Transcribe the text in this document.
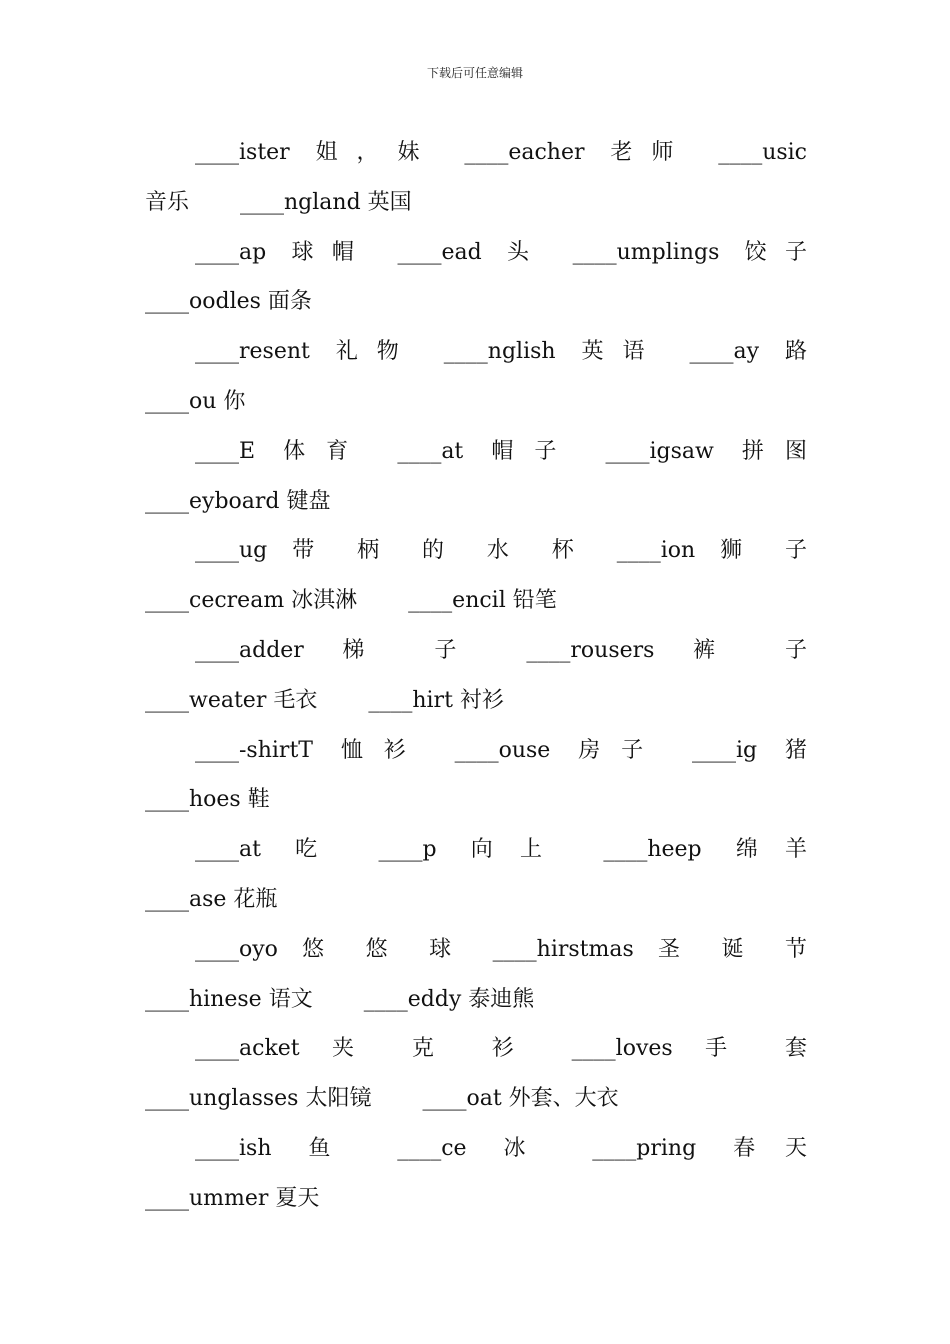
下载后可任意编辑
____ister 姐，妹 ____eacher 老师 ____usic
音乐   ____ngland 英国
____ap 球帽 ____ead 头 ____umplings 饺子
____oodles 面条
____resent 礼物 ____nglish 英语 ____ay 路
____ou 你
____E 体育 ____at 帽子 ____igsaw 拼图
____eyboard 键盘
____ug 带 柄 的 水 杯 ____ion 狮 子
____cecream 冰淇淋   ____encil 铅笔
____adder 梯 子 ____rousers 裤 子
____weater 毛衣   ____hirt 衬衫
____-shirtT 恤衫 ____ouse 房子 ____ig 猪
____hoes 鞋
____at 吃 ____p 向上 ____heep 绵羊
____ase 花瓶
____oyo 悠 悠 球 ____hirstmas 圣 诞 节
____hinese 语文   ____eddy 泰迪熊
____acket 夹 克 衫 ____loves 手 套
____unglasses 太阳镜   ____oat 外套、大衣
____ish 鱼 ____ce 冰 ____pring 春天
____ummer 夏天
